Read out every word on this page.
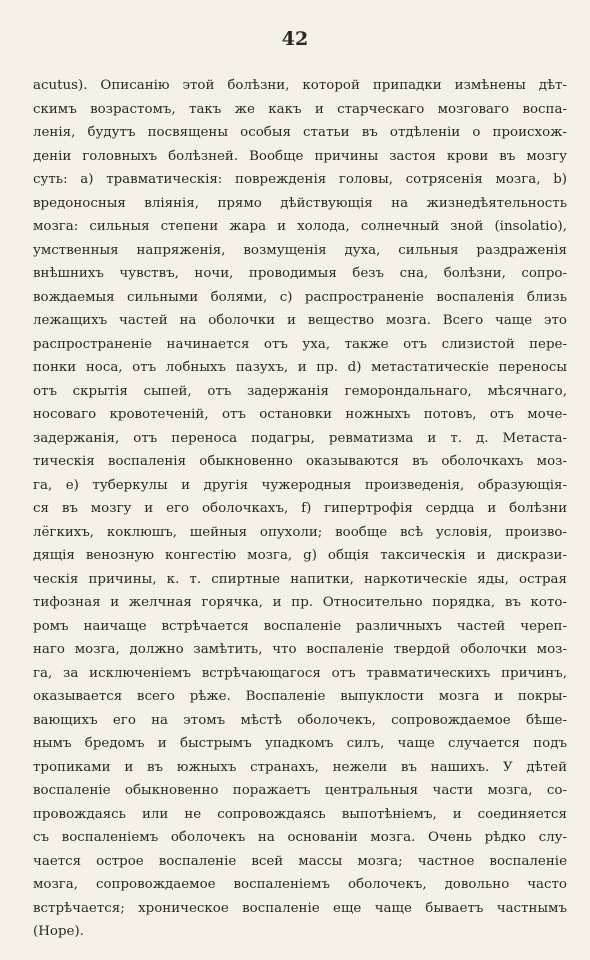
42
acutus). Описанію этой болѣзни, которой припадки измѣнены дѣт-
скимъ возрастомъ, такъ же какъ и старческаго мозговаго воспа-
ленія, будутъ посвящены особыя статьи въ отдѣленіи о происхож-
деніи головныхъ болѣзней. Вообще причины застоя крови въ мозгу
суть: а) травматическія: поврежденія головы, сотрясенія мозга, b)
вредоносныя вліянія, прямо дѣйствующія на жизнедѣятельность
мозга: сильныя степени жара и холода, солнечный зной (insolatio),
умственныя напряженія, возмущенія духа, сильныя раздраженія
внѣшнихъ чувствъ, ночи, проводимыя безъ сна, болѣзни, сопро-
вождаемыя сильными болями, c) распространеніе воспаленія близь
лежащихъ частей на оболочки и вещество мозга. Всего чаще это
распространеніе начинается отъ уха, также отъ слизистой пере-
понки носа, отъ лобныхъ пазухъ, и пр. d) метастатическіе переносы
отъ скрытія сыпей, отъ задержанія геморондальнаго, мѣсячнаго,
носоваго кровотеченій, отъ остановки ножныхъ потовъ, отъ моче-
задержанія, отъ переноса подагры, ревматизма и т. д. Метаста-
тическія воспаленія обыкновенно оказываются въ оболочкахъ моз-
га, e) туберкулы и другія чужеродныя произведенія, образующія-
ся въ мозгу и его оболочкахъ, f) гипертрофія сердца и болѣзни
лёгкихъ, коклюшъ, шейныя опухоли; вообще всѣ условія, произво-
дящія венозную конгестію мозга, g) общія таксическія и дискрази-
ческія причины, к. т. спиртные напитки, наркотическіе яды, острая
тифозная и желчная горячка, и пр. Относительно порядка, въ кото-
ромъ наичаще встрѣчается воспаленіе различныхъ частей череп-
наго мозга, должно замѣтить, что воспаленіе твердой оболочки моз-
га, за исключеніемъ встрѣчающагося отъ травматическихъ причинъ,
оказывается всего рѣже. Воспаленіе выпуклости мозга и покры-
вающихъ его на этомъ мѣстѣ оболочекъ, сопровождаемое бѣше-
нымъ бредомъ и быстрымъ упадкомъ силъ, чаще случается подъ
тропиками и въ южныхъ странахъ, нежели въ нашихъ. У дѣтей
воспаленіе обыкновенно поражаетъ центральныя части мозга, со-
провождаясь или не сопровождаясь выпотѣніемъ, и соединяется
съ воспаленіемъ оболочекъ на основаніи мозга. Очень рѣдко слу-
чается острое воспаленіе всей массы мозга; частное воспаленіе
мозга, сопровождаемое воспаленіемъ оболочекъ, довольно часто
встрѣчается; хроническое воспаленіе еще чаще бываетъ частнымъ
(Hope).
